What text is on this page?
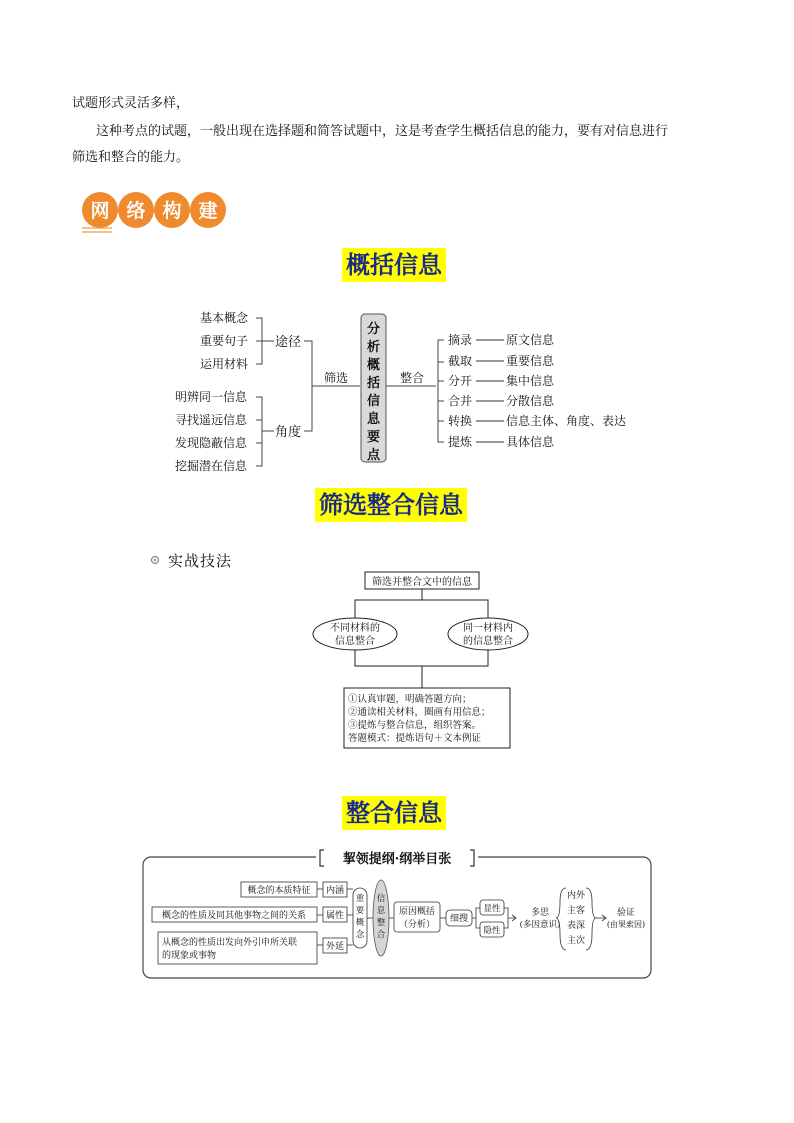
试题形式灵活多样，
这种考点的试题，一般出现在选择题和简答试题中，这是考查学生概括信息的能力，要有对信息进行
筛选和整合的能力。
网 络 构 建
概括信息
基本概念
重要句子
运用材料
明辨同一信息
寻找遥远信息
发现隐蔽信息
挖掘潜在信息
途径
角度
筛选
分
析
概
括
信
息
要
点
整合
摘录
截取
分开
合并
转换
提炼
原文信息
重要信息
集中信息
分散信息
信息主体、角度、表达
具体信息
筛选整合信息
实战技法
筛选并整合文中的信息
不同材料的
信息整合
同一材料内
的信息整合
①认真审题，明确答题方向；
②通读相关材料，圈画有用信息；
③提炼与整合信息，组织答案。
答题模式：提炼语句＋文本例证
整合信息
挈领提纲·纲举目张
概念的本质特征
概念的性质及同其他事物之间的关系
从概念的性质出发向外引申所关联
的现象或事物
内涵
属性
外延
重
要
概
念
信
息
整
合
原因概括
（分析）
细搜
显性
隐性
多思
(多因意识)
内外
主客
表深
主次
验证
(由果索因)
